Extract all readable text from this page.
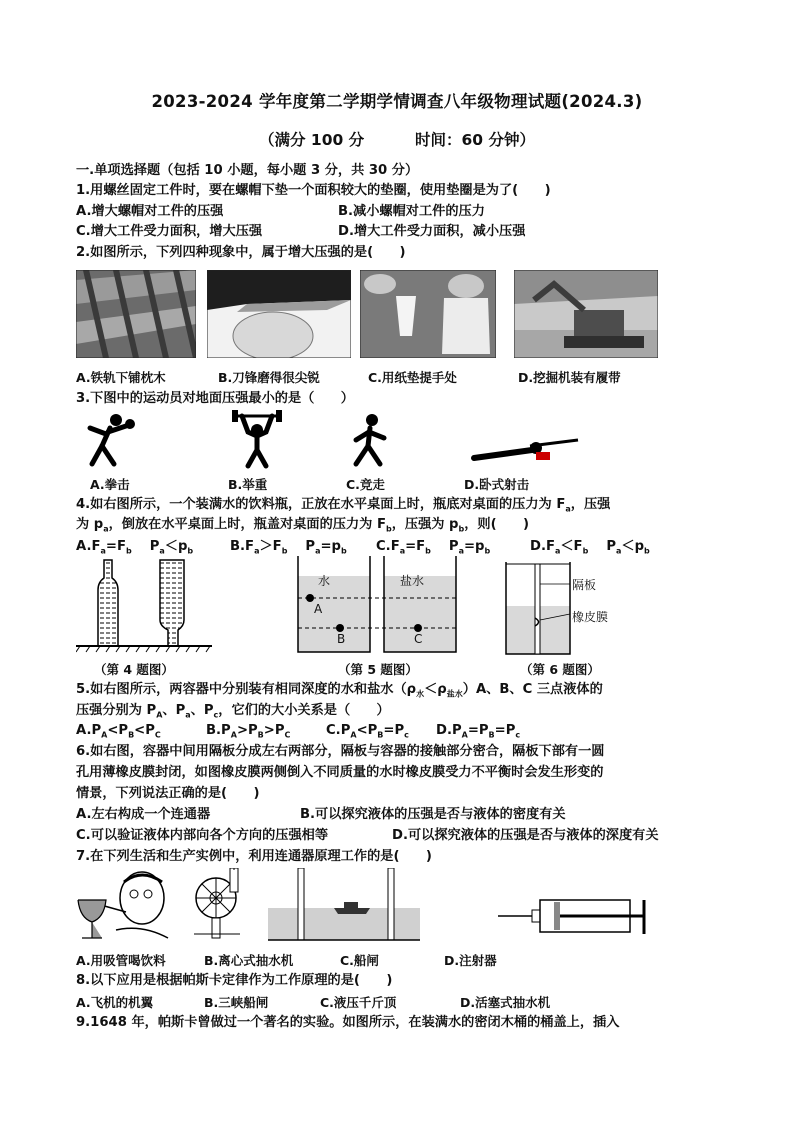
2023-2024 学年度第二学期学情调查八年级物理试题(2024.3)
（满分 100 分	时间：60 分钟）
一.单项选择题（包括 10 小题，每小题 3 分，共 30 分）
1.用螺丝固定工件时，要在螺帽下垫一个面积较大的垫圈，使用垫圈是为了(　　)
A.增大螺帽对工件的压强	B.减小螺帽对工件的压力
C.增大工件受力面积，增大压强	D.增大工件受力面积，减小压强
2.如图所示，下列四种现象中，属于增大压强的是(　　)
A.铁轨下铺枕木	B.刀锋磨得很尖锐	C.用纸垫提手处	D.挖掘机装有履带
3.下图中的运动员对地面压强最小的是（　　）
A.拳击	B.举重	C.竞走	D.卧式射击
4.如右图所示，一个装满水的饮料瓶，正放在水平桌面上时，瓶底对桌面的压力为 $F_a$，压强
为 $p_a$，倒放在水平桌面上时，瓶盖对桌面的压力为 $F_b$，压强为 $p_b$，则(　　)
$A.F_a=F_b$ $P_a<p_b$	$B.F_a>F_b$ $P_a=p_b$ $C.F_a=F_b$ $P_a=p_b$	$D.F_a<F_b$ $P_a<p_b$
水	盐水
A
B	C
隔板
橡皮膜
（第 4 题图）	（第 5 题图）	（第 6 题图）
5.如右图所示，两容器中分别装有相同深度的水和盐水$(\rho_水<\rho_{盐水})A$、B、C 三点液体的
压强分别为 $P_A$、$P_a$、$P_c$，它们的大小关系是（　　）
$A.P_A<P_B<P_C$	$B.P_A>P_B>P_C$	$C.P_A<P_B=P_c$ $D.P_A=P_B=P_c$
6.如右图，容器中间用隔板分成左右两部分，隔板与容器的接触部分密合，隔板下部有一圆
孔用薄橡皮膜封闭，如图橡皮膜两侧倒入不同质量的水时橡皮膜受力不平衡时会发生形变的
情景，下列说法正确的是(　　)
A.左右构成一个连通器	B.可以探究液体的压强是否与液体的密度有关
C.可以验证液体内部向各个方向的压强相等	D.可以探究液体的压强是否与液体的深度有关
7.在下列生活和生产实例中，利用连通器原理工作的是(　　)
A.用吸管喝饮料	B.离心式抽水机	C.船闸	D.注射器
8.以下应用是根据帕斯卡定律作为工作原理的是(　　)
A.飞机的机翼	B.三峡船闸	C.液压千斤顶	D.活塞式抽水机
9.1648 年，帕斯卡曾做过一个著名的实验。如图所示，在装满水的密闭木桶的桶盖上，插入
